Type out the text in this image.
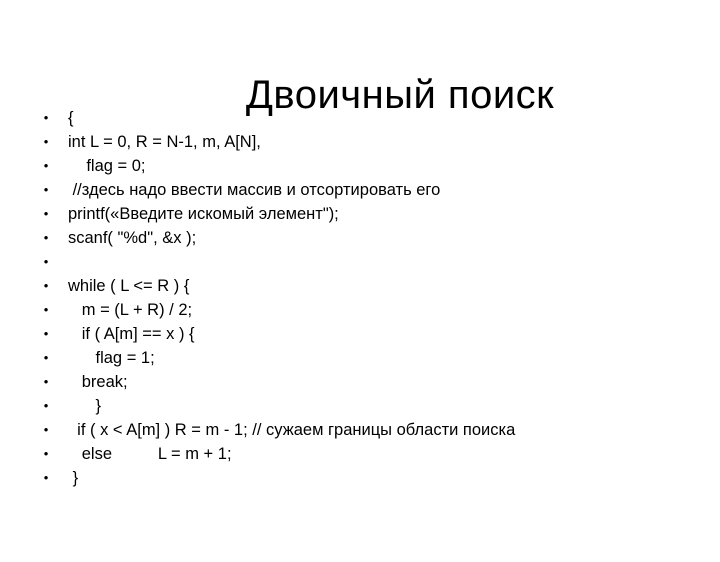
Двоичный поиск

•

{

•

int L = 0, R = N-1, m, A[N],

•

flag = 0;

•

//здесь надо ввести массив и отсортировать его

•

printf(«Введите искомый элемент");

•

scanf( "%d", &x );

•

•

while ( L <= R ) {

•

m = (L + R) / 2;

•

if ( A[m] == x ) {

•

flag = 1;

•

break;

•

}

•

if ( x < A[m] ) R = m - 1; // сужаем границы области поиска

•

else          L = m + 1;

•

}
